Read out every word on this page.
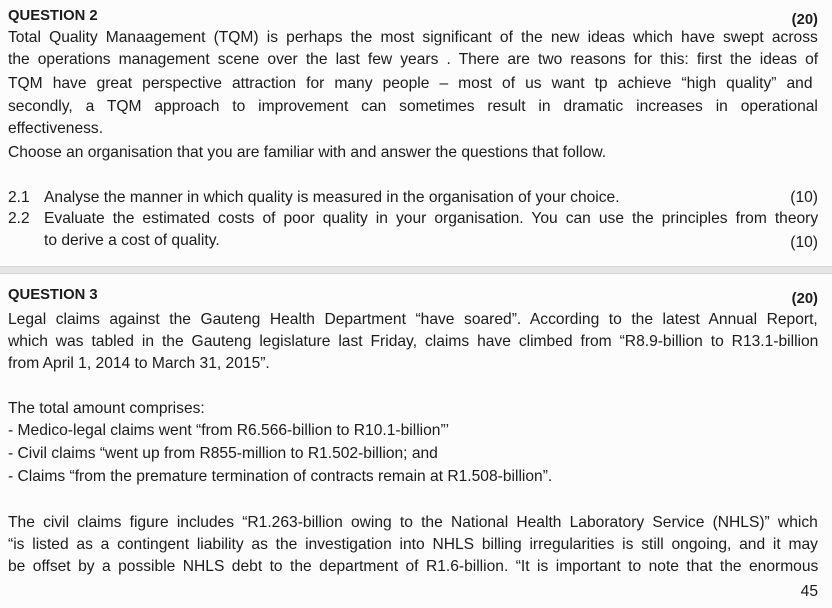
QUESTION 2	(20)
Total Quality Manaagement (TQM) is perhaps the most significant of the new ideas which have swept across
the operations management scene over the last few years . There are two reasons for this: first the ideas of
TQM have great perspective attraction for many people – most of us want tp achieve “high quality” and
secondly, a TQM approach to improvement can sometimes result in dramatic increases in operational
effectiveness.
Choose an organisation that you are familiar with and answer the questions that follow.
2.1 Analyse the manner in which quality is measured in the organisation of your choice.	(10)
2.2 Evaluate the estimated costs of poor quality in your organisation. You can use the principles from theory
to derive a cost of quality.	(10)
QUESTION 3	(20)
Legal claims against the Gauteng Health Department “have soared”. According to the latest Annual Report,
which was tabled in the Gauteng legislature last Friday, claims have climbed from “R8.9-billion to R13.1-billion
from April 1, 2014 to March 31, 2015”.
The total amount comprises:
- Medico-legal claims went “from R6.566-billion to R10.1-billion”’
- Civil claims “went up from R855-million to R1.502-billion; and
- Claims “from the premature termination of contracts remain at R1.508-billion”.
The civil claims figure includes “R1.263-billion owing to the National Health Laboratory Service (NHLS)” which
“is listed as a contingent liability as the investigation into NHLS billing irregularities is still ongoing, and it may
be offset by a possible NHLS debt to the department of R1.6-billion. “It is important to note that the enormous
45
